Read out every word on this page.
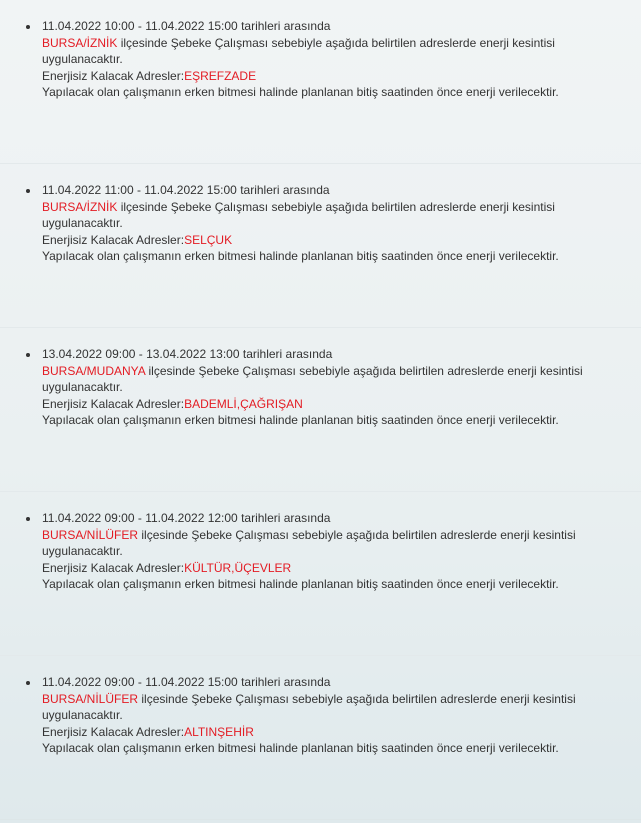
11.04.2022 10:00 - 11.04.2022 15:00 tarihleri arasında
BURSA/İZNİK ilçesinde Şebeke Çalışması sebebiyle aşağıda belirtilen adreslerde enerji kesintisi uygulanacaktır.
Enerjisiz Kalacak Adresler:EŞREFZADE
Yapılacak olan çalışmanın erken bitmesi halinde planlanan bitiş saatinden önce enerji verilecektir.
11.04.2022 11:00 - 11.04.2022 15:00 tarihleri arasında
BURSA/İZNİK ilçesinde Şebeke Çalışması sebebiyle aşağıda belirtilen adreslerde enerji kesintisi uygulanacaktır.
Enerjisiz Kalacak Adresler:SELÇUK
Yapılacak olan çalışmanın erken bitmesi halinde planlanan bitiş saatinden önce enerji verilecektir.
13.04.2022 09:00 - 13.04.2022 13:00 tarihleri arasında
BURSA/MUDANYA ilçesinde Şebeke Çalışması sebebiyle aşağıda belirtilen adreslerde enerji kesintisi uygulanacaktır.
Enerjisiz Kalacak Adresler:BADEMLİ,ÇAĞRIŞAN
Yapılacak olan çalışmanın erken bitmesi halinde planlanan bitiş saatinden önce enerji verilecektir.
11.04.2022 09:00 - 11.04.2022 12:00 tarihleri arasında
BURSA/NİLÜFER ilçesinde Şebeke Çalışması sebebiyle aşağıda belirtilen adreslerde enerji kesintisi uygulanacaktır.
Enerjisiz Kalacak Adresler:KÜLTÜR,ÜÇEVLER
Yapılacak olan çalışmanın erken bitmesi halinde planlanan bitiş saatinden önce enerji verilecektir.
11.04.2022 09:00 - 11.04.2022 15:00 tarihleri arasında
BURSA/NİLÜFER ilçesinde Şebeke Çalışması sebebiyle aşağıda belirtilen adreslerde enerji kesintisi uygulanacaktır.
Enerjisiz Kalacak Adresler:ALTINŞEHİR
Yapılacak olan çalışmanın erken bitmesi halinde planlanan bitiş saatinden önce enerji verilecektir.
